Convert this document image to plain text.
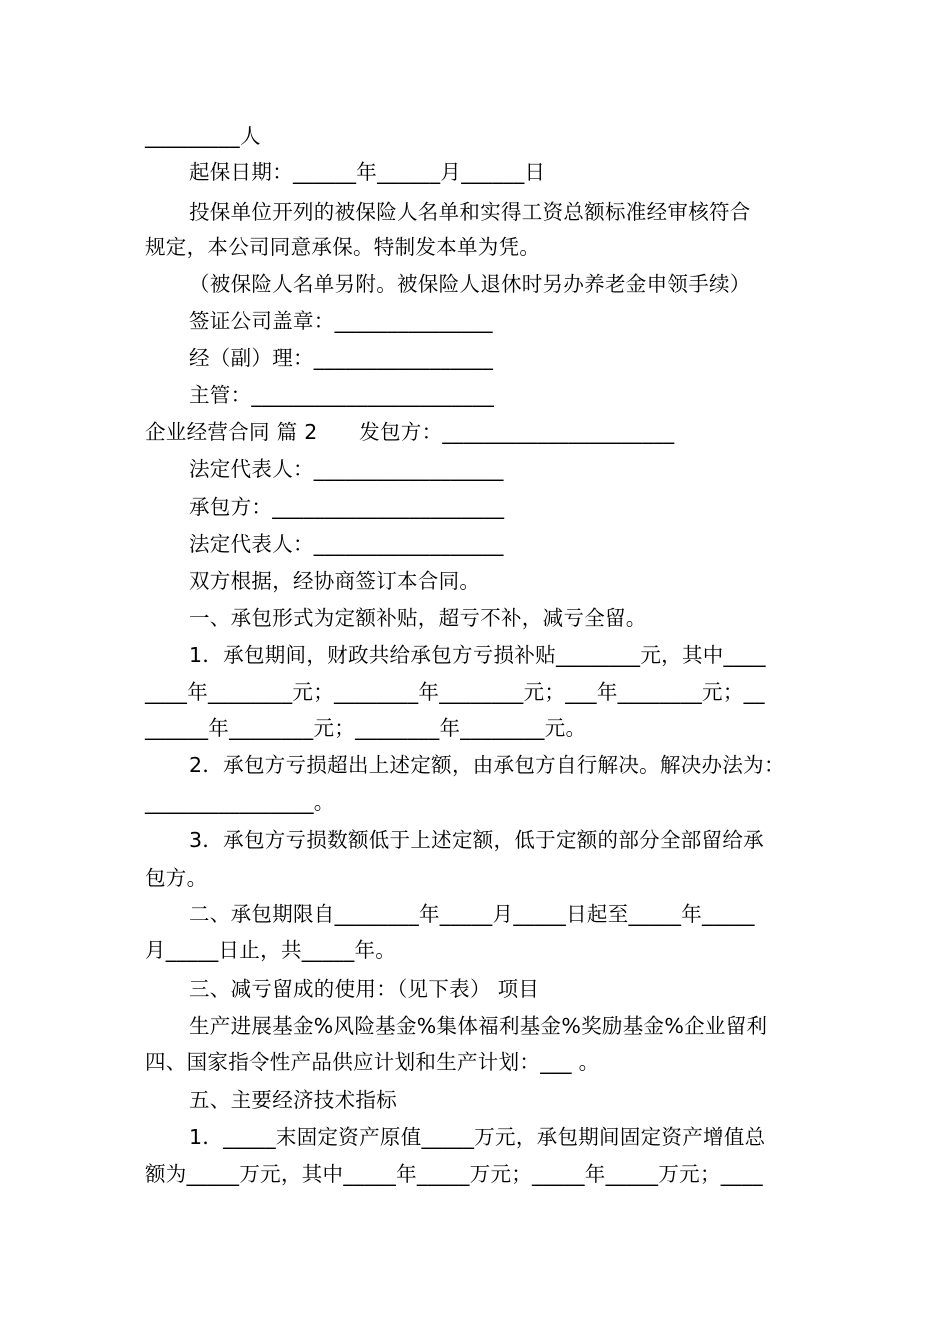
_________人
起保日期：______年______月______日
投保单位开列的被保险人名单和实得工资总额标准经审核符合
规定，本公司同意承保。特制发本单为凭。
（被保险人名单另附。被保险人退休时另办养老金申领手续）
签证公司盖章：_______________
经（副）理：_________________
主管：_______________________
企业经营合同 篇 2　　发包方：______________________
法定代表人：__________________
承包方：______________________
法定代表人：__________________
双方根据，经协商签订本合同。
一、承包形式为定额补贴，超亏不补，减亏全留。
1．承包期间，财政共给承包方亏损补贴________元，其中____
____年________元；________年________元；___年________元；__
______年________元；________年________元。
2．承包方亏损超出上述定额，由承包方自行解决。解决办法为：
________________。
3．承包方亏损数额低于上述定额，低于定额的部分全部留给承
包方。
二、承包期限自________年_____月_____日起至_____年_____
月_____日止，共_____年。
三、减亏留成的使用：（见下表） 项目
生产进展基金%风险基金%集体福利基金%奖励基金%企业留利
四、国家指令性产品供应计划和生产计划：___ 。
五、主要经济技术指标
1．_____末固定资产原值_____万元，承包期间固定资产增值总
额为_____万元，其中_____年_____万元；_____年_____万元；____
